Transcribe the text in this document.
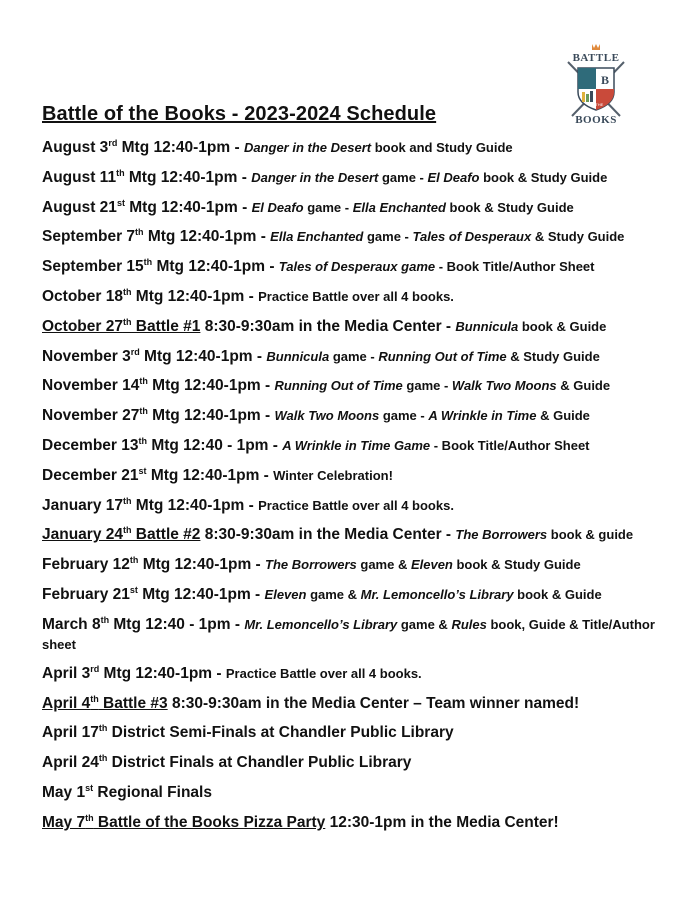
BATTLE
B
OF THE
BOOKS
Battle of the Books - 2023-2024 Schedule
August 3rd Mtg 12:40-1pm - Danger in the Desert book and Study Guide
August 11th Mtg 12:40-1pm - Danger in the Desert game - El Deafo book & Study Guide
August 21st Mtg 12:40-1pm - El Deafo game - Ella Enchanted book & Study Guide
September 7th Mtg 12:40-1pm - Ella Enchanted game - Tales of Desperaux & Study Guide
September 15th Mtg 12:40-1pm - Tales of Desperaux game - Book Title/Author Sheet
October 18th Mtg 12:40-1pm - Practice Battle over all 4 books.
October 27th Battle #1 8:30-9:30am in the Media Center - Bunnicula book & Guide
November 3rd Mtg 12:40-1pm - Bunnicula game - Running Out of Time & Study Guide
November 14th Mtg 12:40-1pm - Running Out of Time game - Walk Two Moons & Guide
November 27th Mtg 12:40-1pm - Walk Two Moons game - A Wrinkle in Time & Guide
December 13th Mtg 12:40 - 1pm - A Wrinkle in Time Game - Book Title/Author Sheet
December 21st Mtg 12:40-1pm - Winter Celebration!
January 17th Mtg 12:40-1pm - Practice Battle over all 4 books.
January 24th Battle #2 8:30-9:30am in the Media Center - The Borrowers book & guide
February 12th Mtg 12:40-1pm - The Borrowers game & Eleven book & Study Guide
February 21st Mtg 12:40-1pm - Eleven game & Mr. Lemoncello’s Library book & Guide
March 8th Mtg 12:40 - 1pm - Mr. Lemoncello’s Library game & Rules book, Guide & Title/Author sheet
April 3rd Mtg 12:40-1pm - Practice Battle over all 4 books.
April 4th Battle #3 8:30-9:30am in the Media Center – Team winner named!
April 17th District Semi-Finals at Chandler Public Library
April 24th District Finals at Chandler Public Library
May 1st Regional Finals
May 7th Battle of the Books Pizza Party 12:30-1pm in the Media Center!
